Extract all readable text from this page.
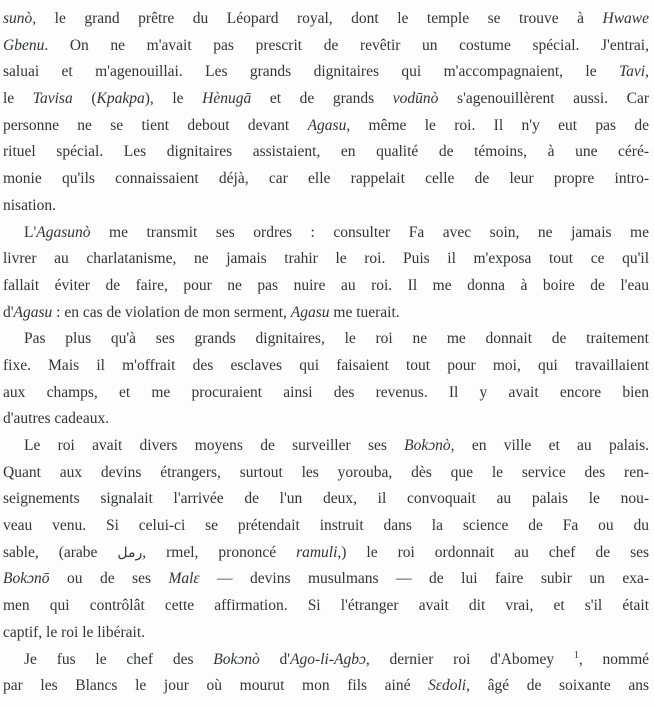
sunò, le grand prêtre du Léopard royal, dont le temple se trouve à Hwawe
Gbenu. On ne m'avait pas prescrit de revêtir un costume spécial. J'entrai,
saluai et m'agenouillai. Les grands dignitaires qui m'accompagnaient, le Tavi,
le Tavisa (Kpakpa), le Hènugā et de grands vodūnò s'agenouillèrent aussi. Car
personne ne se tient debout devant Agasu, même le roi. Il n'y eut pas de
rituel spécial. Les dignitaires assistaient, en qualité de témoins, à une céré-
monie qu'ils connaissaient déjà, car elle rappelait celle de leur propre intro-
nisation.
L'Agasunò me transmit ses ordres : consulter Fa avec soin, ne jamais me
livrer au charlatanisme, ne jamais trahir le roi. Puis il m'exposa tout ce qu'il
fallait éviter de faire, pour ne pas nuire au roi. Il me donna à boire de l'eau
d'Agasu : en cas de violation de mon serment, Agasu me tuerait.
Pas plus qu'à ses grands dignitaires, le roi ne me donnait de traitement
fixe. Mais il m'offrait des esclaves qui faisaient tout pour moi, qui travaillaient
aux champs, et me procuraient ainsi des revenus. Il y avait encore bien
d'autres cadeaux.
Le roi avait divers moyens de surveiller ses Bokɔnò, en ville et au palais.
Quant aux devins étrangers, surtout les yorouba, dès que le service des ren-
seignements signalait l'arrivée de l'un deux, il convoquait au palais le nou-
veau venu. Si celui-ci se prétendait instruit dans la science de Fa ou du
sable, (arabe رمل, rmel, prononcé ramuli,) le roi ordonnait au chef de ses
Bokɔnō ou de ses Malɛ — devins musulmans — de lui faire subir un exa-
men qui contrôlât cette affirmation. Si l'étranger avait dit vrai, et s'il était
captif, le roi le libérait.
Je fus le chef des Bokɔnò d'Ago-li-Agbɔ, dernier roi d'Abomey $^1$, nommé
par les Blancs le jour où mourut mon fils ainé Sɛdoli, âgé de soixante ans
